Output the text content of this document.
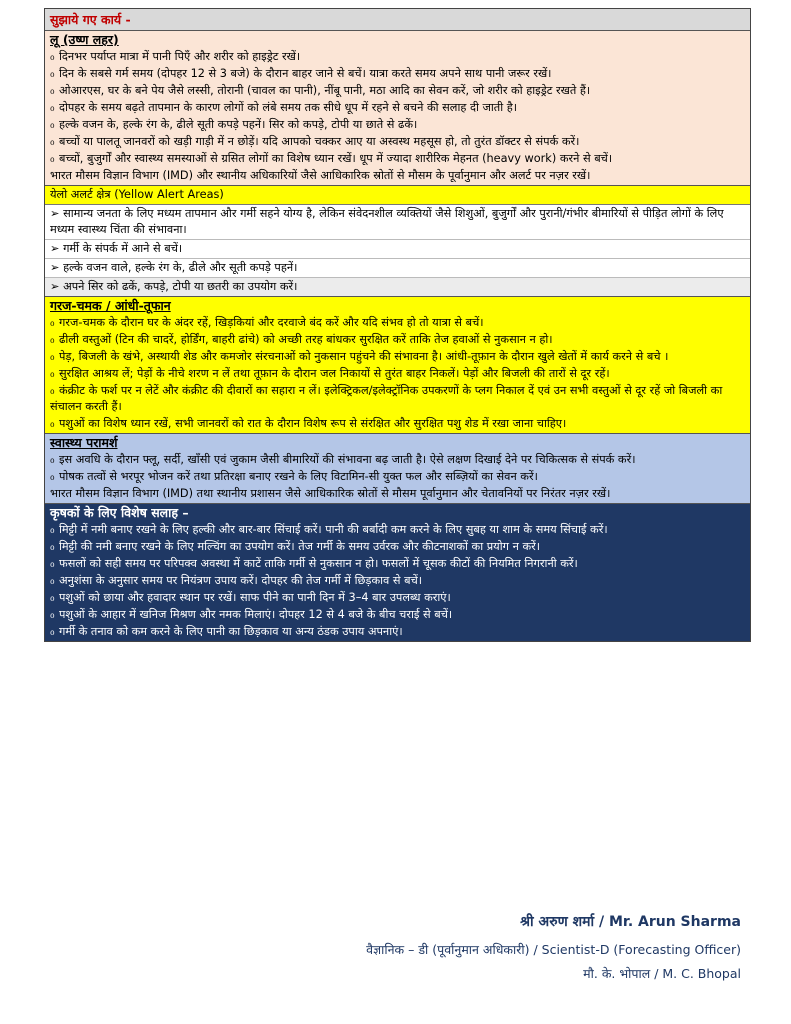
सुझाये गए कार्य -
लू (उष्ण लहर)
₀ दिनभर पर्याप्त मात्रा में पानी पिएँ और शरीर को हाइड्रेट रखें।
₀ दिन के सबसे गर्म समय (दोपहर 12 से 3 बजे) के दौरान बाहर जाने से बचें। यात्रा करते समय अपने साथ पानी जरूर रखें।
₀ ओआरएस, घर के बने पेय जैसे लस्सी, तोरानी (चावल का पानी), नींबू पानी, मठा आदि का सेवन करें, जो शरीर को हाइड्रेट रखते हैं।
₀ दोपहर के समय बढ़ते तापमान के कारण लोगों को लंबे समय तक सीधे धूप में रहने से बचने की सलाह दी जाती है।
₀ हल्के वजन के, हल्के रंग के, ढीले सूती कपड़े पहनें। सिर को कपड़े, टोपी या छाते से ढकें।
₀ बच्चों या पालतू जानवरों को खड़ी गाड़ी में न छोड़ें। यदि आपको चक्कर आए या अस्वस्थ महसूस हो, तो तुरंत डॉक्टर से संपर्क करें।
₀ बच्चों, बुजुर्गों और स्वास्थ्य समस्याओं से ग्रसित लोगों का विशेष ध्यान रखें। धूप में ज्यादा शारीरिक मेहनत (heavy work) करने से बचें।
भारत मौसम विज्ञान विभाग (IMD) और स्थानीय अधिकारियों जैसे आधिकारिक स्रोतों से मौसम के पूर्वानुमान और अलर्ट पर नज़र रखें।
येलो अलर्ट क्षेत्र (Yellow Alert Areas)
➢ सामान्य जनता के लिए मध्यम तापमान और गर्मी सहने योग्य है, लेकिन संवेदनशील व्यक्तियों जैसे शिशुओं, बुजुर्गों और पुरानी/गंभीर बीमारियों से पीड़ित लोगों के लिए मध्यम स्वास्थ्य चिंता की संभावना।
➢ गर्मी के संपर्क में आने से बचें।
➢ हल्के वजन वाले, हल्के रंग के, ढीले और सूती कपड़े पहनें।
➢ अपने सिर को ढकें, कपड़े, टोपी या छतरी का उपयोग करें।
गरज-चमक / आंधी-तूफान
₀ गरज-चमक के दौरान घर के अंदर रहें, खिड़कियां और दरवाजे बंद करें और यदि संभव हो तो यात्रा से बचें।
₀ ढीली वस्तुओं (टिन की चादरें, होर्डिंग, बाहरी ढांचे) को अच्छी तरह बांधकर सुरक्षित करें ताकि तेज हवाओं से नुकसान न हो।
₀ पेड़, बिजली के खंभे, अस्थायी शेड और कमजोर संरचनाओं को नुकसान पहुंचने की संभावना है। आंधी-तूफ़ान के दौरान खुले खेतों में कार्य करने से बचे ।
₀ सुरक्षित आश्रय लें; पेड़ों के नीचे शरण न लें तथा तूफ़ान के दौरान जल निकायों से तुरंत बाहर निकलें। पेड़ों और बिजली की तारों से दूर रहें।
₀ कंक्रीट के फर्श पर न लेटें और कंक्रीट की दीवारों का सहारा न लें। इलेक्ट्रिकल/इलेक्ट्रॉनिक उपकरणों के प्लग निकाल दें एवं उन सभी वस्तुओं से दूर रहें जो बिजली का संचालन करती हैं।
₀ पशुओं का विशेष ध्यान रखें, सभी जानवरों को रात के दौरान विशेष रूप से संरक्षित और सुरक्षित पशु शेड में रखा जाना चाहिए।
स्वास्थ्य परामर्श
₀ इस अवधि के दौरान फ्लू, सर्दी, खाँसी एवं जुकाम जैसी बीमारियों की संभावना बढ़ जाती है। ऐसे लक्षण दिखाई देने पर चिकित्सक से संपर्क करें।
₀ पोषक तत्वों से भरपूर भोजन करें तथा प्रतिरक्षा बनाए रखने के लिए विटामिन-सी युक्त फल और सब्ज़ियों का सेवन करें।
भारत मौसम विज्ञान विभाग (IMD) तथा स्थानीय प्रशासन जैसे आधिकारिक स्रोतों से मौसम पूर्वानुमान और चेतावनियों पर निरंतर नज़र रखें।
कृषकों के लिए विशेष सलाह –
₀ मिट्टी में नमी बनाए रखने के लिए हल्की और बार-बार सिंचाई करें। पानी की बर्बादी कम करने के लिए सुबह या शाम के समय सिंचाई करें।
₀ मिट्टी की नमी बनाए रखने के लिए मल्चिंग का उपयोग करें। तेज गर्मी के समय उर्वरक और कीटनाशकों का प्रयोग न करें।
₀ फसलों को सही समय पर परिपक्व अवस्था में काटें ताकि गर्मी से नुकसान न हो। फसलों में चूसक कीटों की नियमित निगरानी करें।
₀ अनुशंसा के अनुसार समय पर नियंत्रण उपाय करें। दोपहर की तेज गर्मी में छिड़काव से बचें।
₀ पशुओं को छाया और हवादार स्थान पर रखें। साफ पीने का पानी दिन में 3–4 बार उपलब्ध कराएं।
₀ पशुओं के आहार में खनिज मिश्रण और नमक मिलाएं। दोपहर 12 से 4 बजे के बीच चराई से बचें।
₀ गर्मी के तनाव को कम करने के लिए पानी का छिड़काव या अन्य ठंडक उपाय अपनाएं।
श्री अरुण शर्मा / Mr. Arun Sharma
वैज्ञानिक – डी (पूर्वानुमान अधिकारी) / Scientist-D (Forecasting Officer)
मौ. के. भोपाल / M. C. Bhopal
